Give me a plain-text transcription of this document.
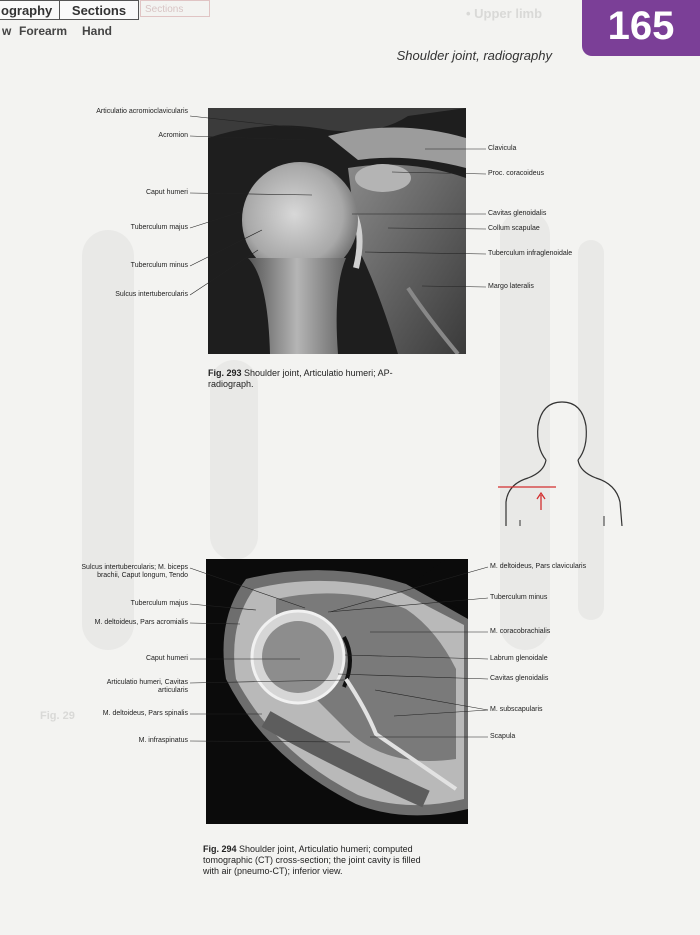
Sections	• Upper limb
Fig. 29
ography	Sections
w Forearm Hand	165
Shoulder joint, radiography
Articulatio acromioclavicularis
Acromion
Caput humeri
Tuberculum majus
Tuberculum minus
Sulcus intertubercularis
Clavicula
Proc. coracoideus
Cavitas glenoidalis
Collum scapulae
Tuberculum infraglenoidale
Margo lateralis
Fig. 293 Shoulder joint, Articulatio humeri; AP-radiograph.
Sulcus intertubercularis; M. biceps brachii, Caput longum, Tendo
Tuberculum majus
M. deltoideus, Pars acromialis
Caput humeri
Articulatio humeri, Cavitas articularis
M. deltoideus, Pars spinalis
M. infraspinatus
M. deltoideus, Pars clavicularis
Tuberculum minus
M. coracobrachialis
Labrum glenoidale
Cavitas glenoidalis
M. subscapularis
Scapula
Fig. 294 Shoulder joint, Articulatio humeri; computed tomographic (CT) cross-section; the joint cavity is filled with air (pneumo-CT); inferior view.
